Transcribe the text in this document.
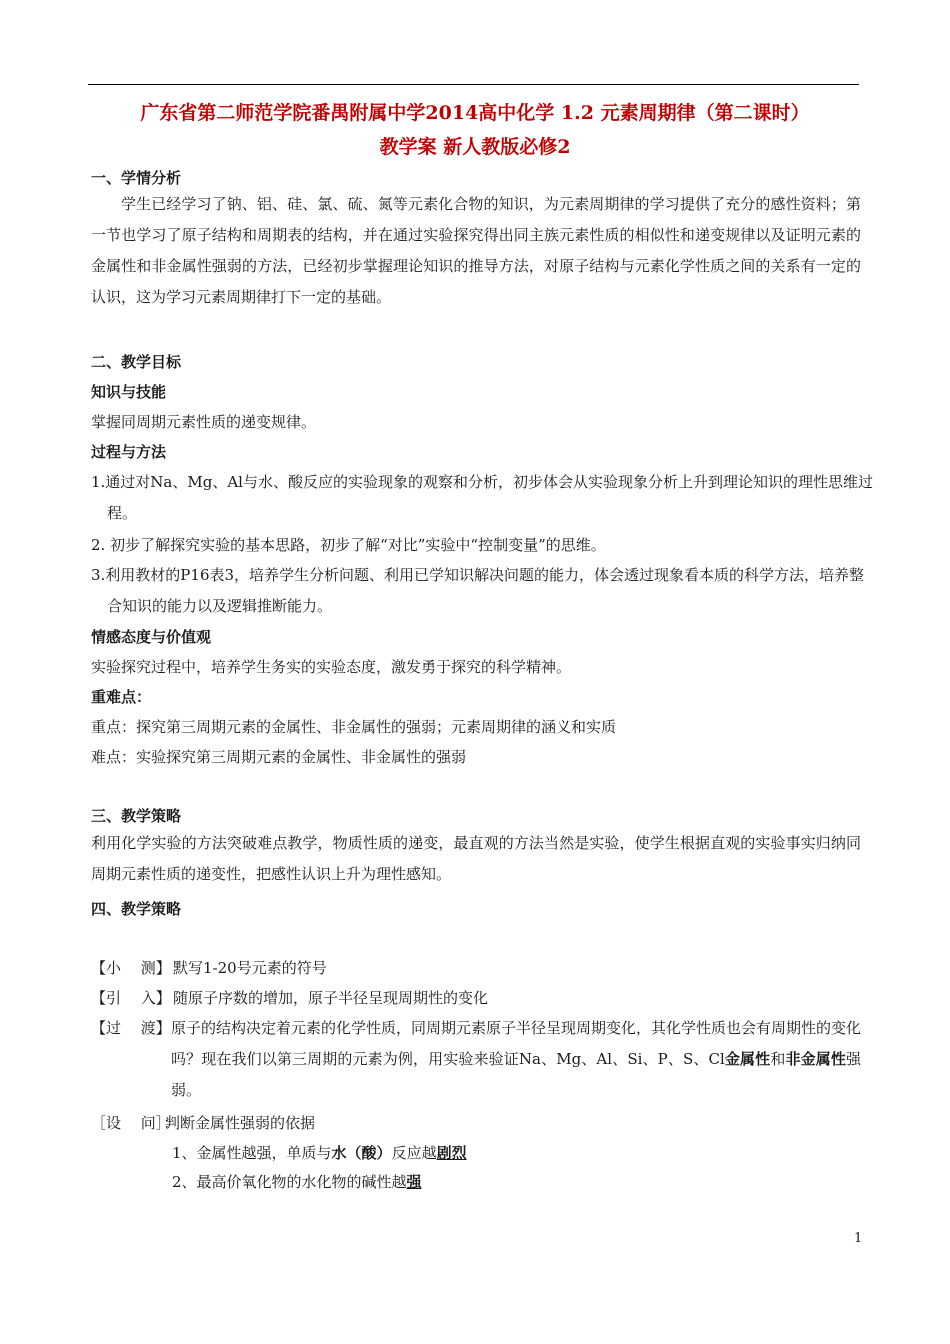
广东省第二师范学院番禺附属中学2014高中化学 1.2 元素周期律（第二课时）
教学案 新人教版必修2
一、学情分析
学生已经学习了钠、铝、硅、氯、硫、氮等元素化合物的知识，为元素周期律的学习提供了充分的感性资料；第一节也学习了原子结构和周期表的结构，并在通过实验探究得出同主族元素性质的相似性和递变规律以及证明元素的金属性和非金属性强弱的方法，已经初步掌握理论知识的推导方法，对原子结构与元素化学性质之间的关系有一定的认识，这为学习元素周期律打下一定的基础。
二、教学目标
知识与技能
掌握同周期元素性质的递变规律。
过程与方法
1.通过对Na、Mg、Al与水、酸反应的实验现象的观察和分析，初步体会从实验现象分析上升到理论知识的理性思维过程。
2. 初步了解探究实验的基本思路，初步了解“对比”实验中“控制变量”的思维。
3.利用教材的P16表3，培养学生分析问题、利用已学知识解决问题的能力，体会透过现象看本质的科学方法，培养整合知识的能力以及逻辑推断能力。
情感态度与价值观
实验探究过程中，培养学生务实的实验态度，激发勇于探究的科学精神。
重难点：
重点：探究第三周期元素的金属性、非金属性的强弱；元素周期律的涵义和实质
难点：实验探究第三周期元素的金属性、非金属性的强弱
三、教学策略
利用化学实验的方法突破难点教学，物质性质的递变，最直观的方法当然是实验，使学生根据直观的实验事实归纳同周期元素性质的递变性，把感性认识上升为理性感知。
四、教学策略
【小　 测】 默写1-20号元素的符号
【引　 入】 随原子序数的增加，原子半径呈现周期性的变化
【过　 渡】 原子的结构决定着元素的化学性质，同周期元素原子半径呈现周期变化，其化学性质也会有周期性的变化吗？现在我们以第三周期的元素为例，用实验来验证Na、Mg、Al、Si、P、S、Cl金属性和非金属性强弱。
［设　 问］：判断金属性强弱的依据
1、金属性越强，单质与水（酸）反应越剧烈
2、最高价氧化物的水化物的碱性越强
1
